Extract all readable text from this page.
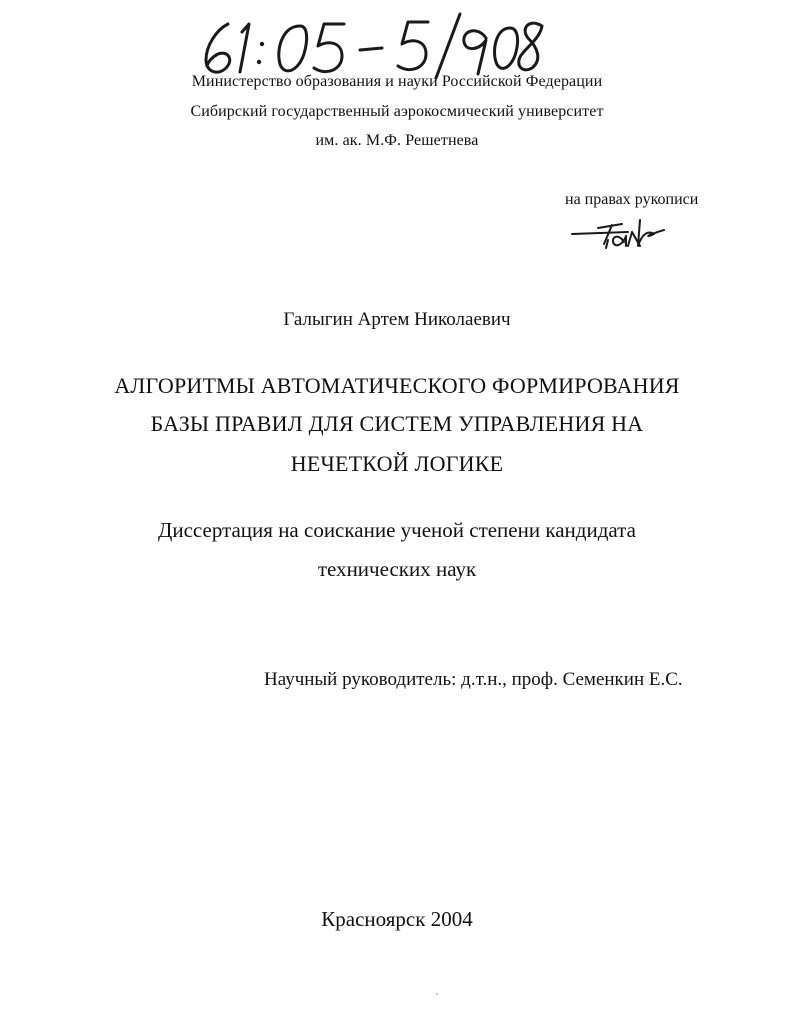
Министерство образования и науки Российской Федерации
Сибирский государственный аэрокосмический университет
им. ак. М.Ф. Решетнева
на правах рукописи
Галыгин Артем Николаевич
АЛГОРИТМЫ АВТОМАТИЧЕСКОГО ФОРМИРОВАНИЯ
БАЗЫ ПРАВИЛ ДЛЯ СИСТЕМ УПРАВЛЕНИЯ НА
НЕЧЕТКОЙ ЛОГИКЕ
Диссертация на соискание ученой степени кандидата
технических наук
Научный руководитель: д.т.н., проф. Семенкин Е.С.
Красноярск 2004
